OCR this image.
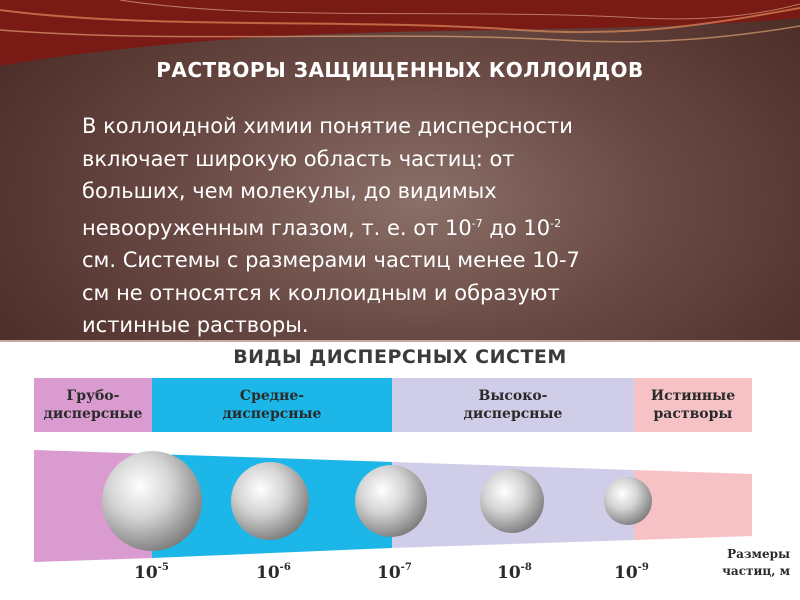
РАСТВОРЫ ЗАЩИЩЕННЫХ КОЛЛОИДОВ
В коллоидной химии понятие дисперсности
включает широкую область частиц: от
больших, чем молекулы, до видимых
невооруженным глазом, т. е. от $10^{-7}$ до $10^{-2}$
см. Системы с размерами частиц менее 10-7
см не относятся к коллоидным и образуют
истинные растворы.
ВИДЫ ДИСПЕРСНЫХ СИСТЕМ
Грубо-
дисперсные
Средне-
дисперсные
Высоко-
дисперсные
Истинные
растворы
$10^{-5}$	$10^{-6}$	$10^{-7}$	$10^{-8}$	$10^{-9}$
Размеры
частиц, м
